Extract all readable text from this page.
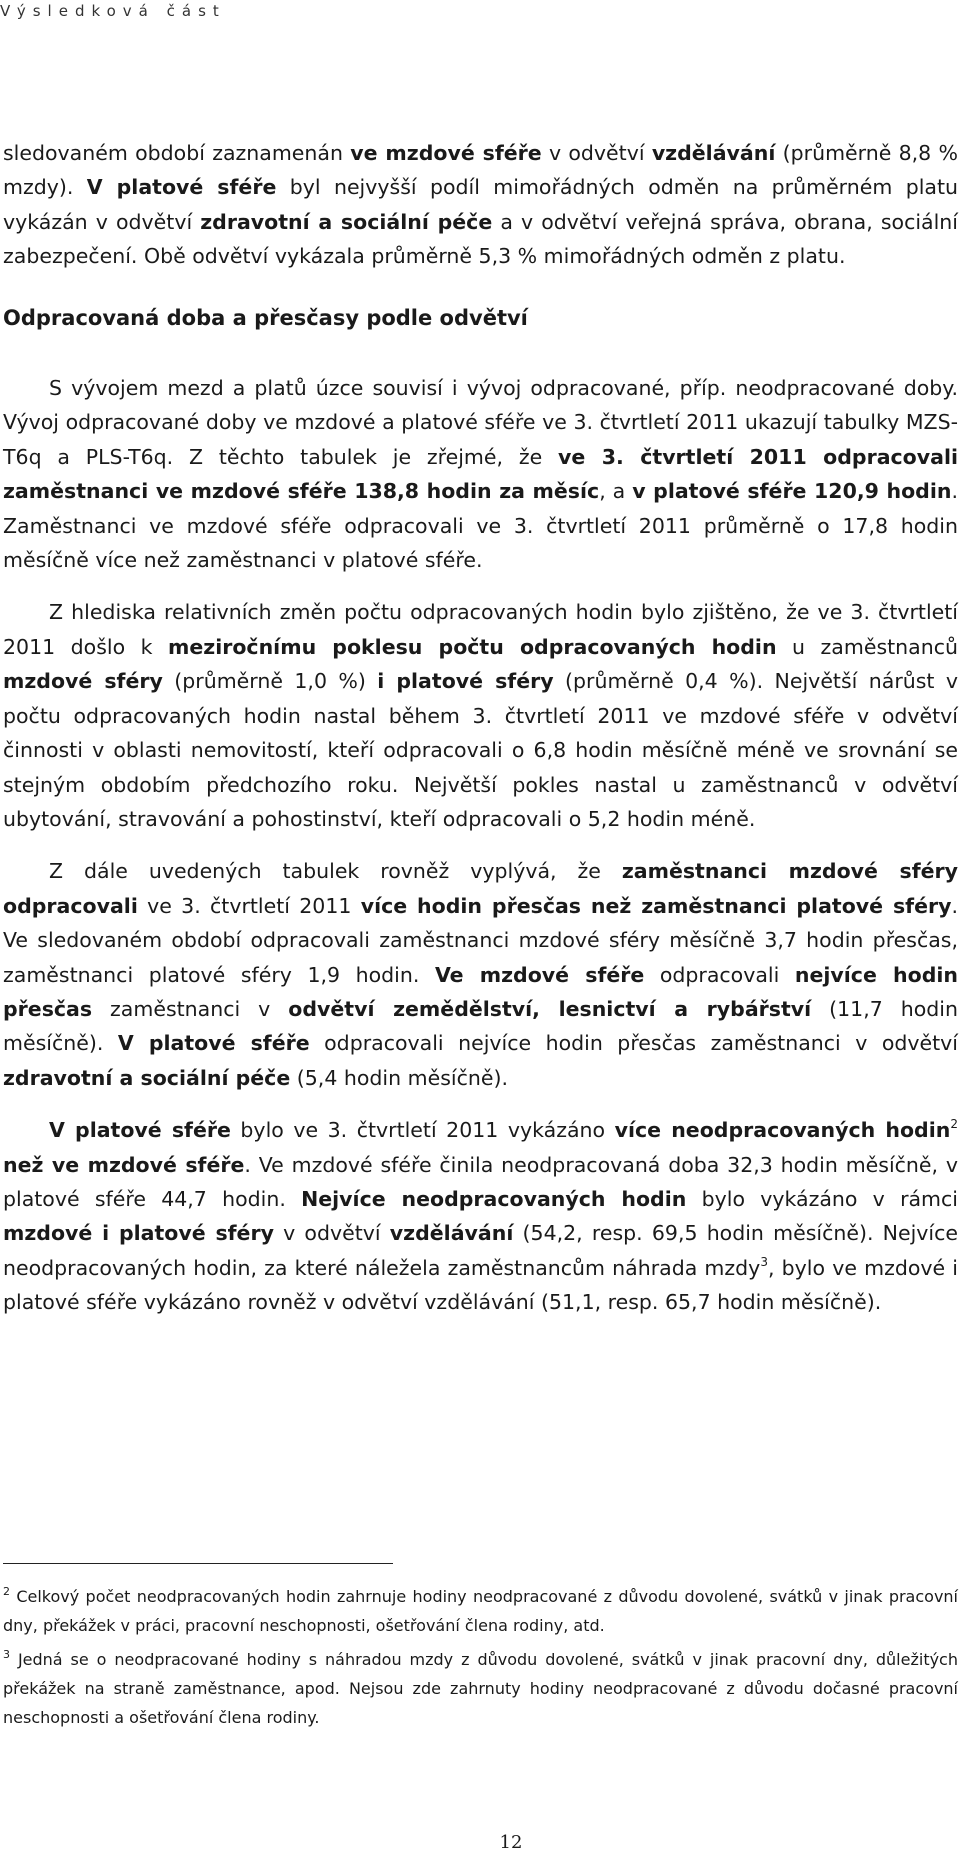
Výsledková část

sledovaném období zaznamenán ve mzdové sféře v odvětví vzdělávání (průměrně 8,8 % mzdy). V platové sféře byl nejvyšší podíl mimořádných odměn na průměrném platu vykázán v odvětví zdravotní a sociální péče a v odvětví veřejná správa, obrana, sociální zabezpečení. Obě odvětví vykázala průměrně 5,3 % mimořádných odměn z platu.

Odpracovaná doba a přesčasy podle odvětví

S vývojem mezd a platů úzce souvisí i vývoj odpracované, příp. neodpracované doby. Vývoj odpracované doby ve mzdové a platové sféře ve 3. čtvrtletí 2011 ukazují tabulky MZS-T6q a PLS-T6q. Z těchto tabulek je zřejmé, že ve 3. čtvrtletí 2011 odpracovali zaměstnanci ve mzdové sféře 138,8 hodin za měsíc, a v platové sféře 120,9 hodin. Zaměstnanci ve mzdové sféře odpracovali ve 3. čtvrtletí 2011 průměrně o 17,8 hodin měsíčně více než zaměstnanci v platové sféře.

Z hlediska relativních změn počtu odpracovaných hodin bylo zjištěno, že ve 3. čtvrtletí 2011 došlo k meziročnímu poklesu počtu odpracovaných hodin u zaměstnanců mzdové sféry (průměrně 1,0 %) i platové sféry (průměrně 0,4 %). Největší nárůst v počtu odpracovaných hodin nastal během 3. čtvrtletí 2011 ve mzdové sféře v odvětví činnosti v oblasti nemovitostí, kteří odpracovali o 6,8 hodin měsíčně méně ve srovnání se stejným obdobím předchozího roku. Největší pokles nastal u zaměstnanců v odvětví ubytování, stravování a pohostinství, kteří odpracovali o 5,2 hodin méně.

Z dále uvedených tabulek rovněž vyplývá, že zaměstnanci mzdové sféry odpracovali ve 3. čtvrtletí 2011 více hodin přesčas než zaměstnanci platové sféry. Ve sledovaném období odpracovali zaměstnanci mzdové sféry měsíčně 3,7 hodin přesčas, zaměstnanci platové sféry 1,9 hodin. Ve mzdové sféře odpracovali nejvíce hodin přesčas zaměstnanci v odvětví zemědělství, lesnictví a rybářství (11,7 hodin měsíčně). V platové sféře odpracovali nejvíce hodin přesčas zaměstnanci v odvětví zdravotní a sociální péče (5,4 hodin měsíčně).

V platové sféře bylo ve 3. čtvrtletí 2011 vykázáno více neodpracovaných hodin$^2$ než ve mzdové sféře. Ve mzdové sféře činila neodpracovaná doba 32,3 hodin měsíčně, v platové sféře 44,7 hodin. Nejvíce neodpracovaných hodin bylo vykázáno v rámci mzdové i platové sféry v odvětví vzdělávání (54,2, resp. 69,5 hodin měsíčně). Nejvíce neodpracovaných hodin, za které náležela zaměstnancům náhrada mzdy$^3$, bylo ve mzdové i platové sféře vykázáno rovněž v odvětví vzdělávání (51,1, resp. 65,7 hodin měsíčně).

$^2$ Celkový počet neodpracovaných hodin zahrnuje hodiny neodpracované z důvodu dovolené, svátků v jinak pracovní dny, překážek v práci, pracovní neschopnosti, ošetřování člena rodiny, atd.

$^3$ Jedná se o neodpracované hodiny s náhradou mzdy z důvodu dovolené, svátků v jinak pracovní dny, důležitých překážek na straně zaměstnance, apod. Nejsou zde zahrnuty hodiny neodpracované z důvodu dočasné pracovní neschopnosti a ošetřování člena rodiny.

12
